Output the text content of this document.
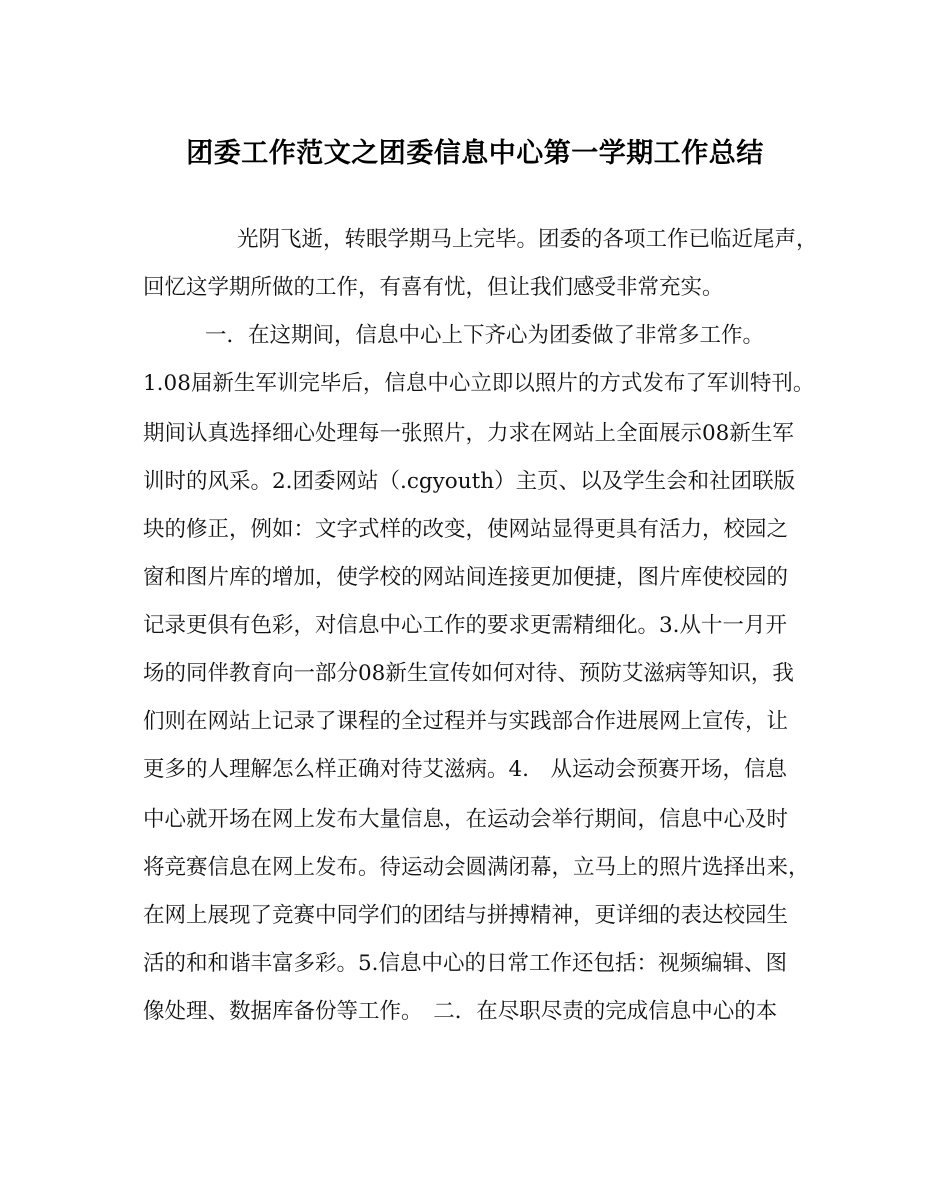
团委工作范文之团委信息中心第一学期工作总结
光阴飞逝，转眼学期马上完毕。团委的各项工作已临近尾声，
回忆这学期所做的工作，有喜有忧，但让我们感受非常充实。
一．在这期间，信息中心上下齐心为团委做了非常多工作。
1.08届新生军训完毕后，信息中心立即以照片的方式发布了军训特刊。
期间认真选择细心处理每一张照片，力求在网站上全面展示08新生军
训时的风采。2.团委网站（.cgyouth）主页、以及学生会和社团联版
块的修正，例如：文字式样的改变，使网站显得更具有活力，校园之
窗和图片库的增加，使学校的网站间连接更加便捷，图片库使校园的
记录更俱有色彩，对信息中心工作的要求更需精细化。3.从十一月开
场的同伴教育向一部分08新生宣传如何对待、预防艾滋病等知识，我
们则在网站上记录了课程的全过程并与实践部合作进展网上宣传，让
更多的人理解怎么样正确对待艾滋病。4.　从运动会预赛开场，信息
中心就开场在网上发布大量信息，在运动会举行期间，信息中心及时
将竞赛信息在网上发布。待运动会圆满闭幕，立马上的照片选择出来，
在网上展现了竞赛中同学们的团结与拼搏精神，更详细的表达校园生
活的和和谐丰富多彩。5.信息中心的日常工作还包括：视频编辑、图
像处理、数据库备份等工作。　二．在尽职尽责的完成信息中心的本
